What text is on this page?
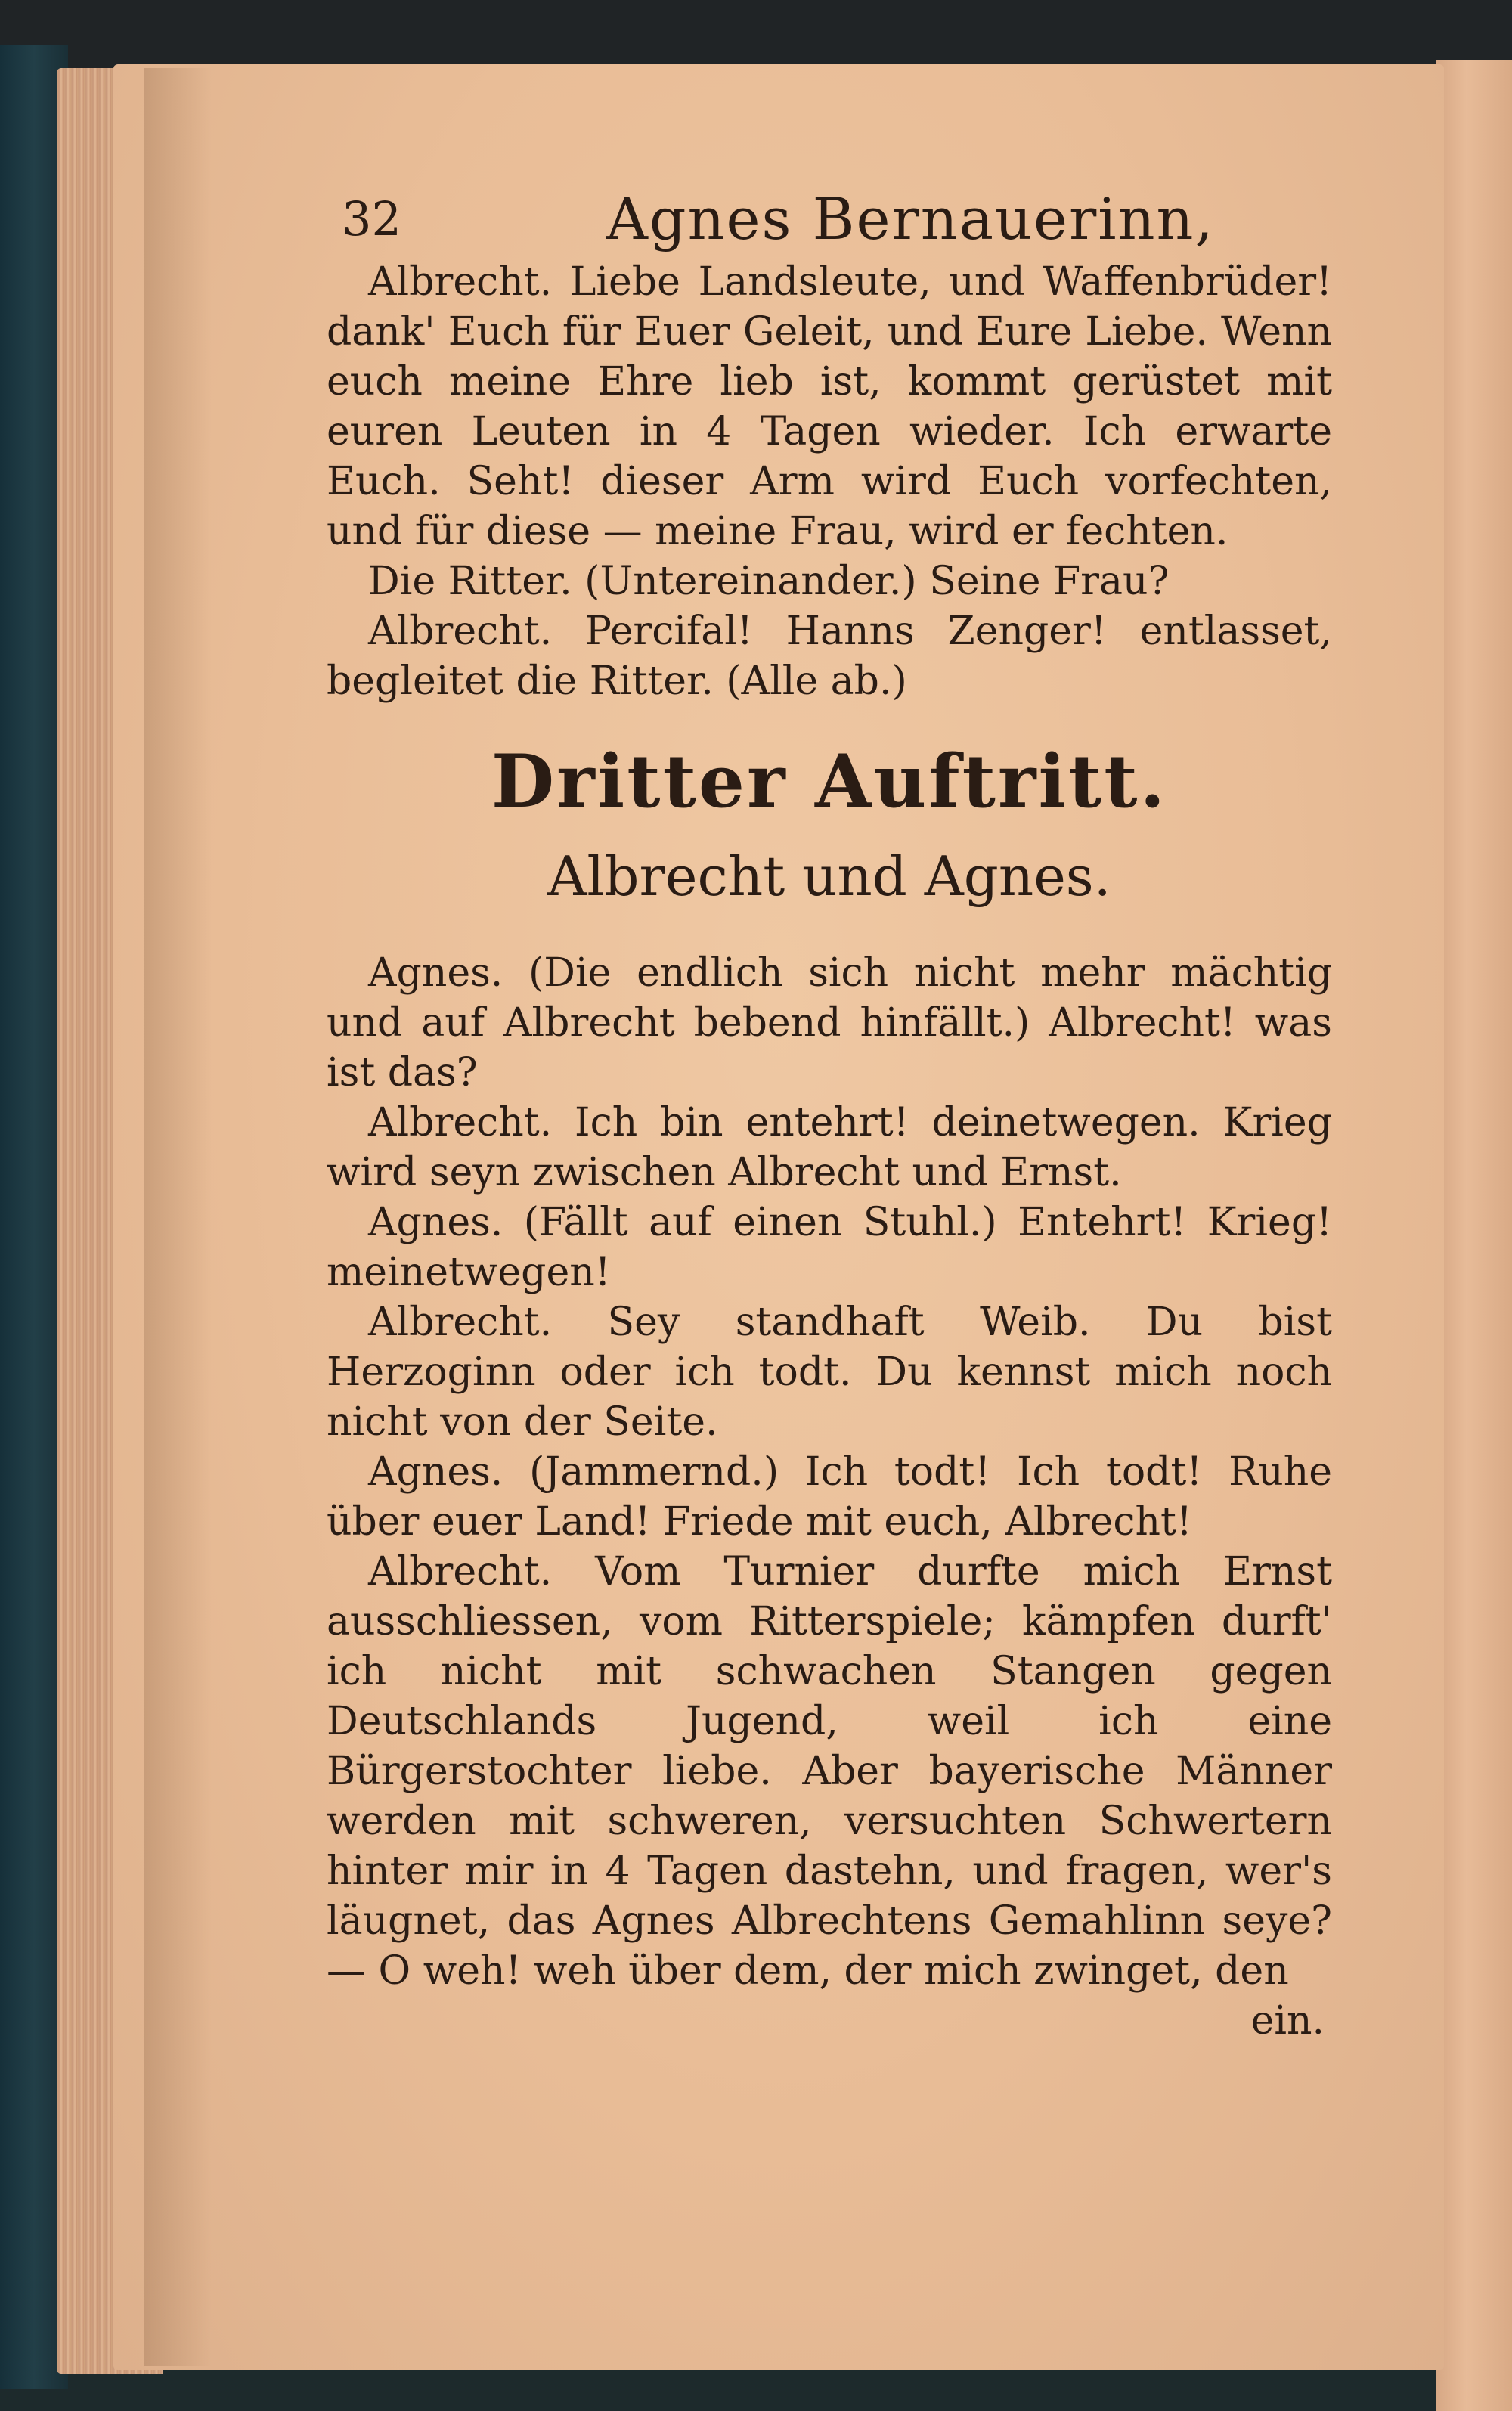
32	Agnes Bernauerinn,

Albrecht. Liebe Landsleute, und Waffenbrüder! dank' Euch für Euer Geleit, und Eure Liebe. Wenn euch meine Ehre lieb ist, kommt gerüstet mit euren Leuten in 4 Tagen wieder. Ich erwarte Euch. Seht! dieser Arm wird Euch vorfechten, und für diese — meine Frau, wird er fechten.

Die Ritter. (Untereinander.) Seine Frau?

Albrecht. Percifal! Hanns Zenger! entlasset, begleitet die Ritter. (Alle ab.)

Dritter Auftritt.
Albrecht und Agnes.

Agnes. (Die endlich sich nicht mehr mächtig und auf Albrecht bebend hinfällt.) Albrecht! was ist das?

Albrecht. Ich bin entehrt! deinetwegen. Krieg wird seyn zwischen Albrecht und Ernst.

Agnes. (Fällt auf einen Stuhl.) Entehrt! Krieg! meinetwegen!

Albrecht. Sey standhaft Weib. Du bist Herzoginn oder ich todt. Du kennst mich noch nicht von der Seite.

Agnes. (Jammernd.) Ich todt! Ich todt! Ruhe über euer Land! Friede mit euch, Albrecht!

Albrecht. Vom Turnier durfte mich Ernst ausschliessen, vom Ritterspiele; kämpfen durft' ich nicht mit schwachen Stangen gegen Deutschlands Jugend, weil ich eine Bürgerstochter liebe. Aber bayerische Männer werden mit schweren, versuchten Schwertern hinter mir in 4 Tagen dastehn, und fragen, wer's läugnet, das Agnes Albrechtens Gemahlinn seye? — O weh! weh über dem, der mich zwinget, den

ein.
